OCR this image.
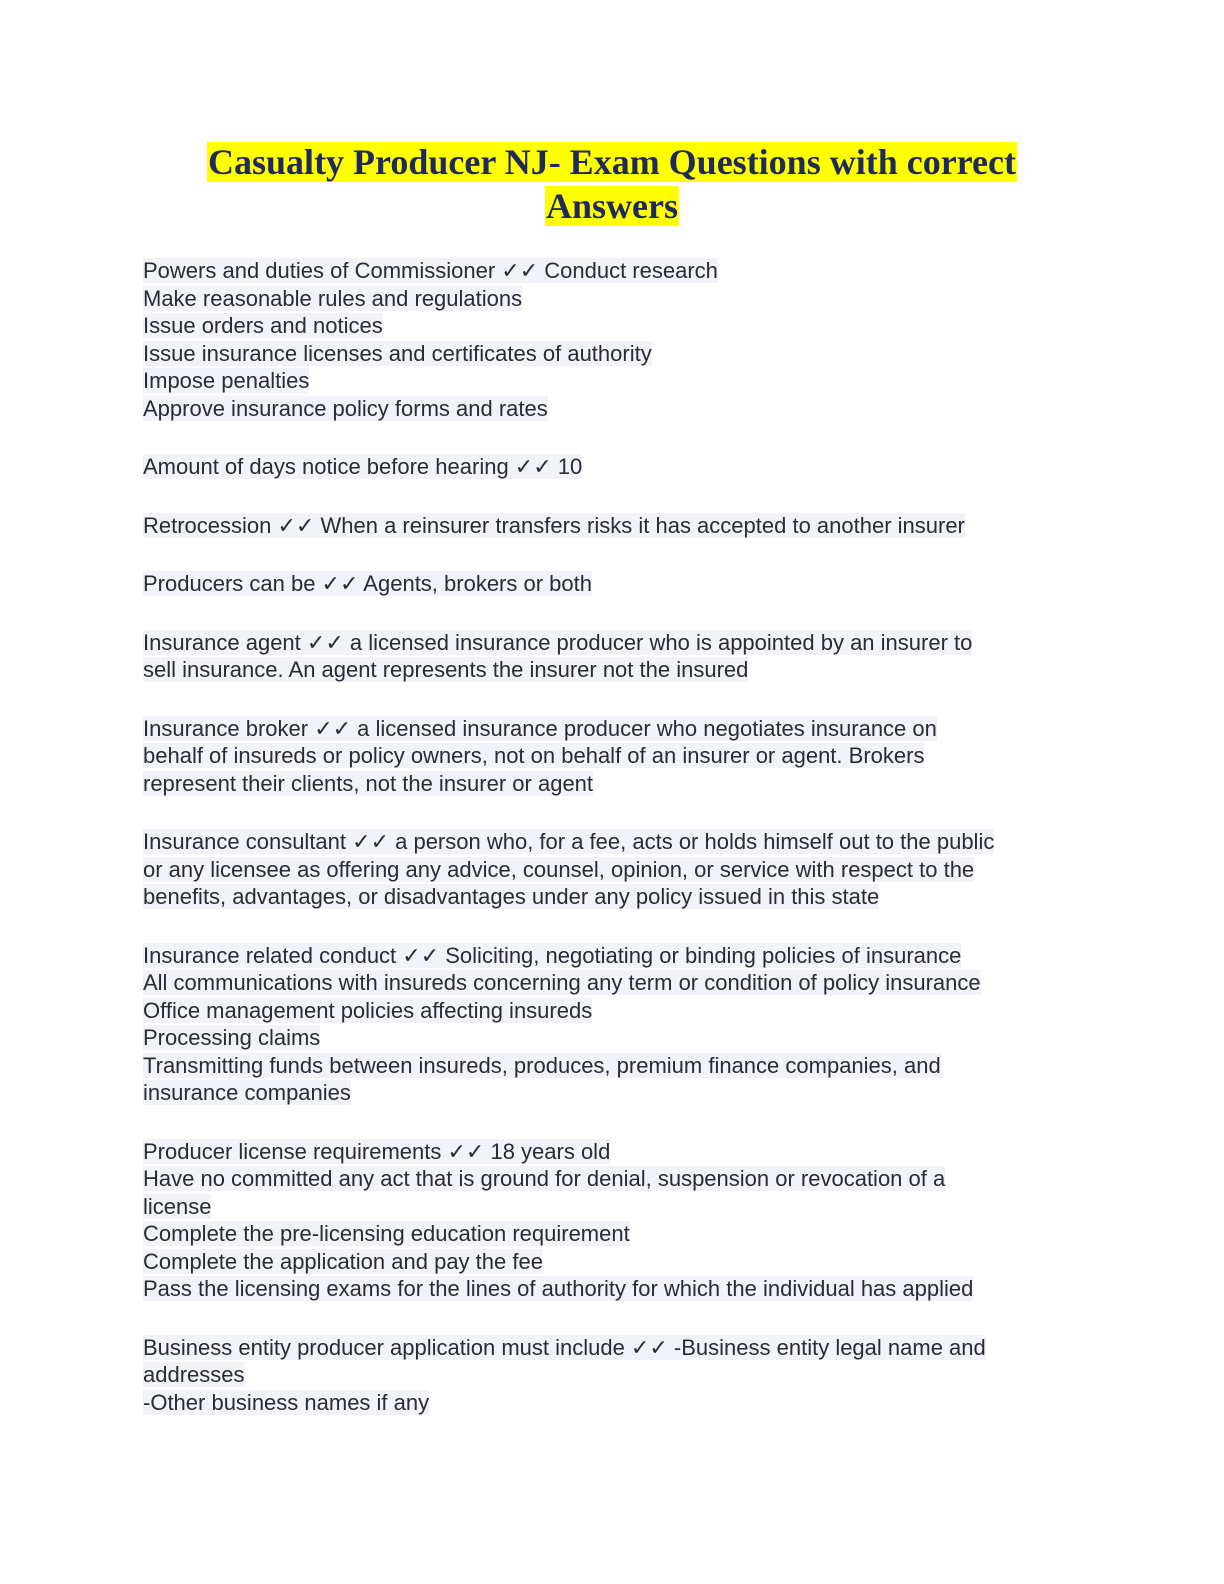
Casualty Producer NJ- Exam Questions with correct
Answers
Powers and duties of Commissioner ✓✓ Conduct research
Make reasonable rules and regulations
Issue orders and notices
Issue insurance licenses and certificates of authority
Impose penalties
Approve insurance policy forms and rates
Amount of days notice before hearing ✓✓ 10
Retrocession ✓✓ When a reinsurer transfers risks it has accepted to another insurer
Producers can be ✓✓ Agents, brokers or both
Insurance agent ✓✓ a licensed insurance producer who is appointed by an insurer to
sell insurance. An agent represents the insurer not the insured
Insurance broker ✓✓ a licensed insurance producer who negotiates insurance on
behalf of insureds or policy owners, not on behalf of an insurer or agent. Brokers
represent their clients, not the insurer or agent
Insurance consultant ✓✓ a person who, for a fee, acts or holds himself out to the public
or any licensee as offering any advice, counsel, opinion, or service with respect to the
benefits, advantages, or disadvantages under any policy issued in this state
Insurance related conduct ✓✓ Soliciting, negotiating or binding policies of insurance
All communications with insureds concerning any term or condition of policy insurance
Office management policies affecting insureds
Processing claims
Transmitting funds between insureds, produces, premium finance companies, and
insurance companies
Producer license requirements ✓✓ 18 years old
Have no committed any act that is ground for denial, suspension or revocation of a
license
Complete the pre-licensing education requirement
Complete the application and pay the fee
Pass the licensing exams for the lines of authority for which the individual has applied
Business entity producer application must include ✓✓ -Business entity legal name and
addresses
-Other business names if any
